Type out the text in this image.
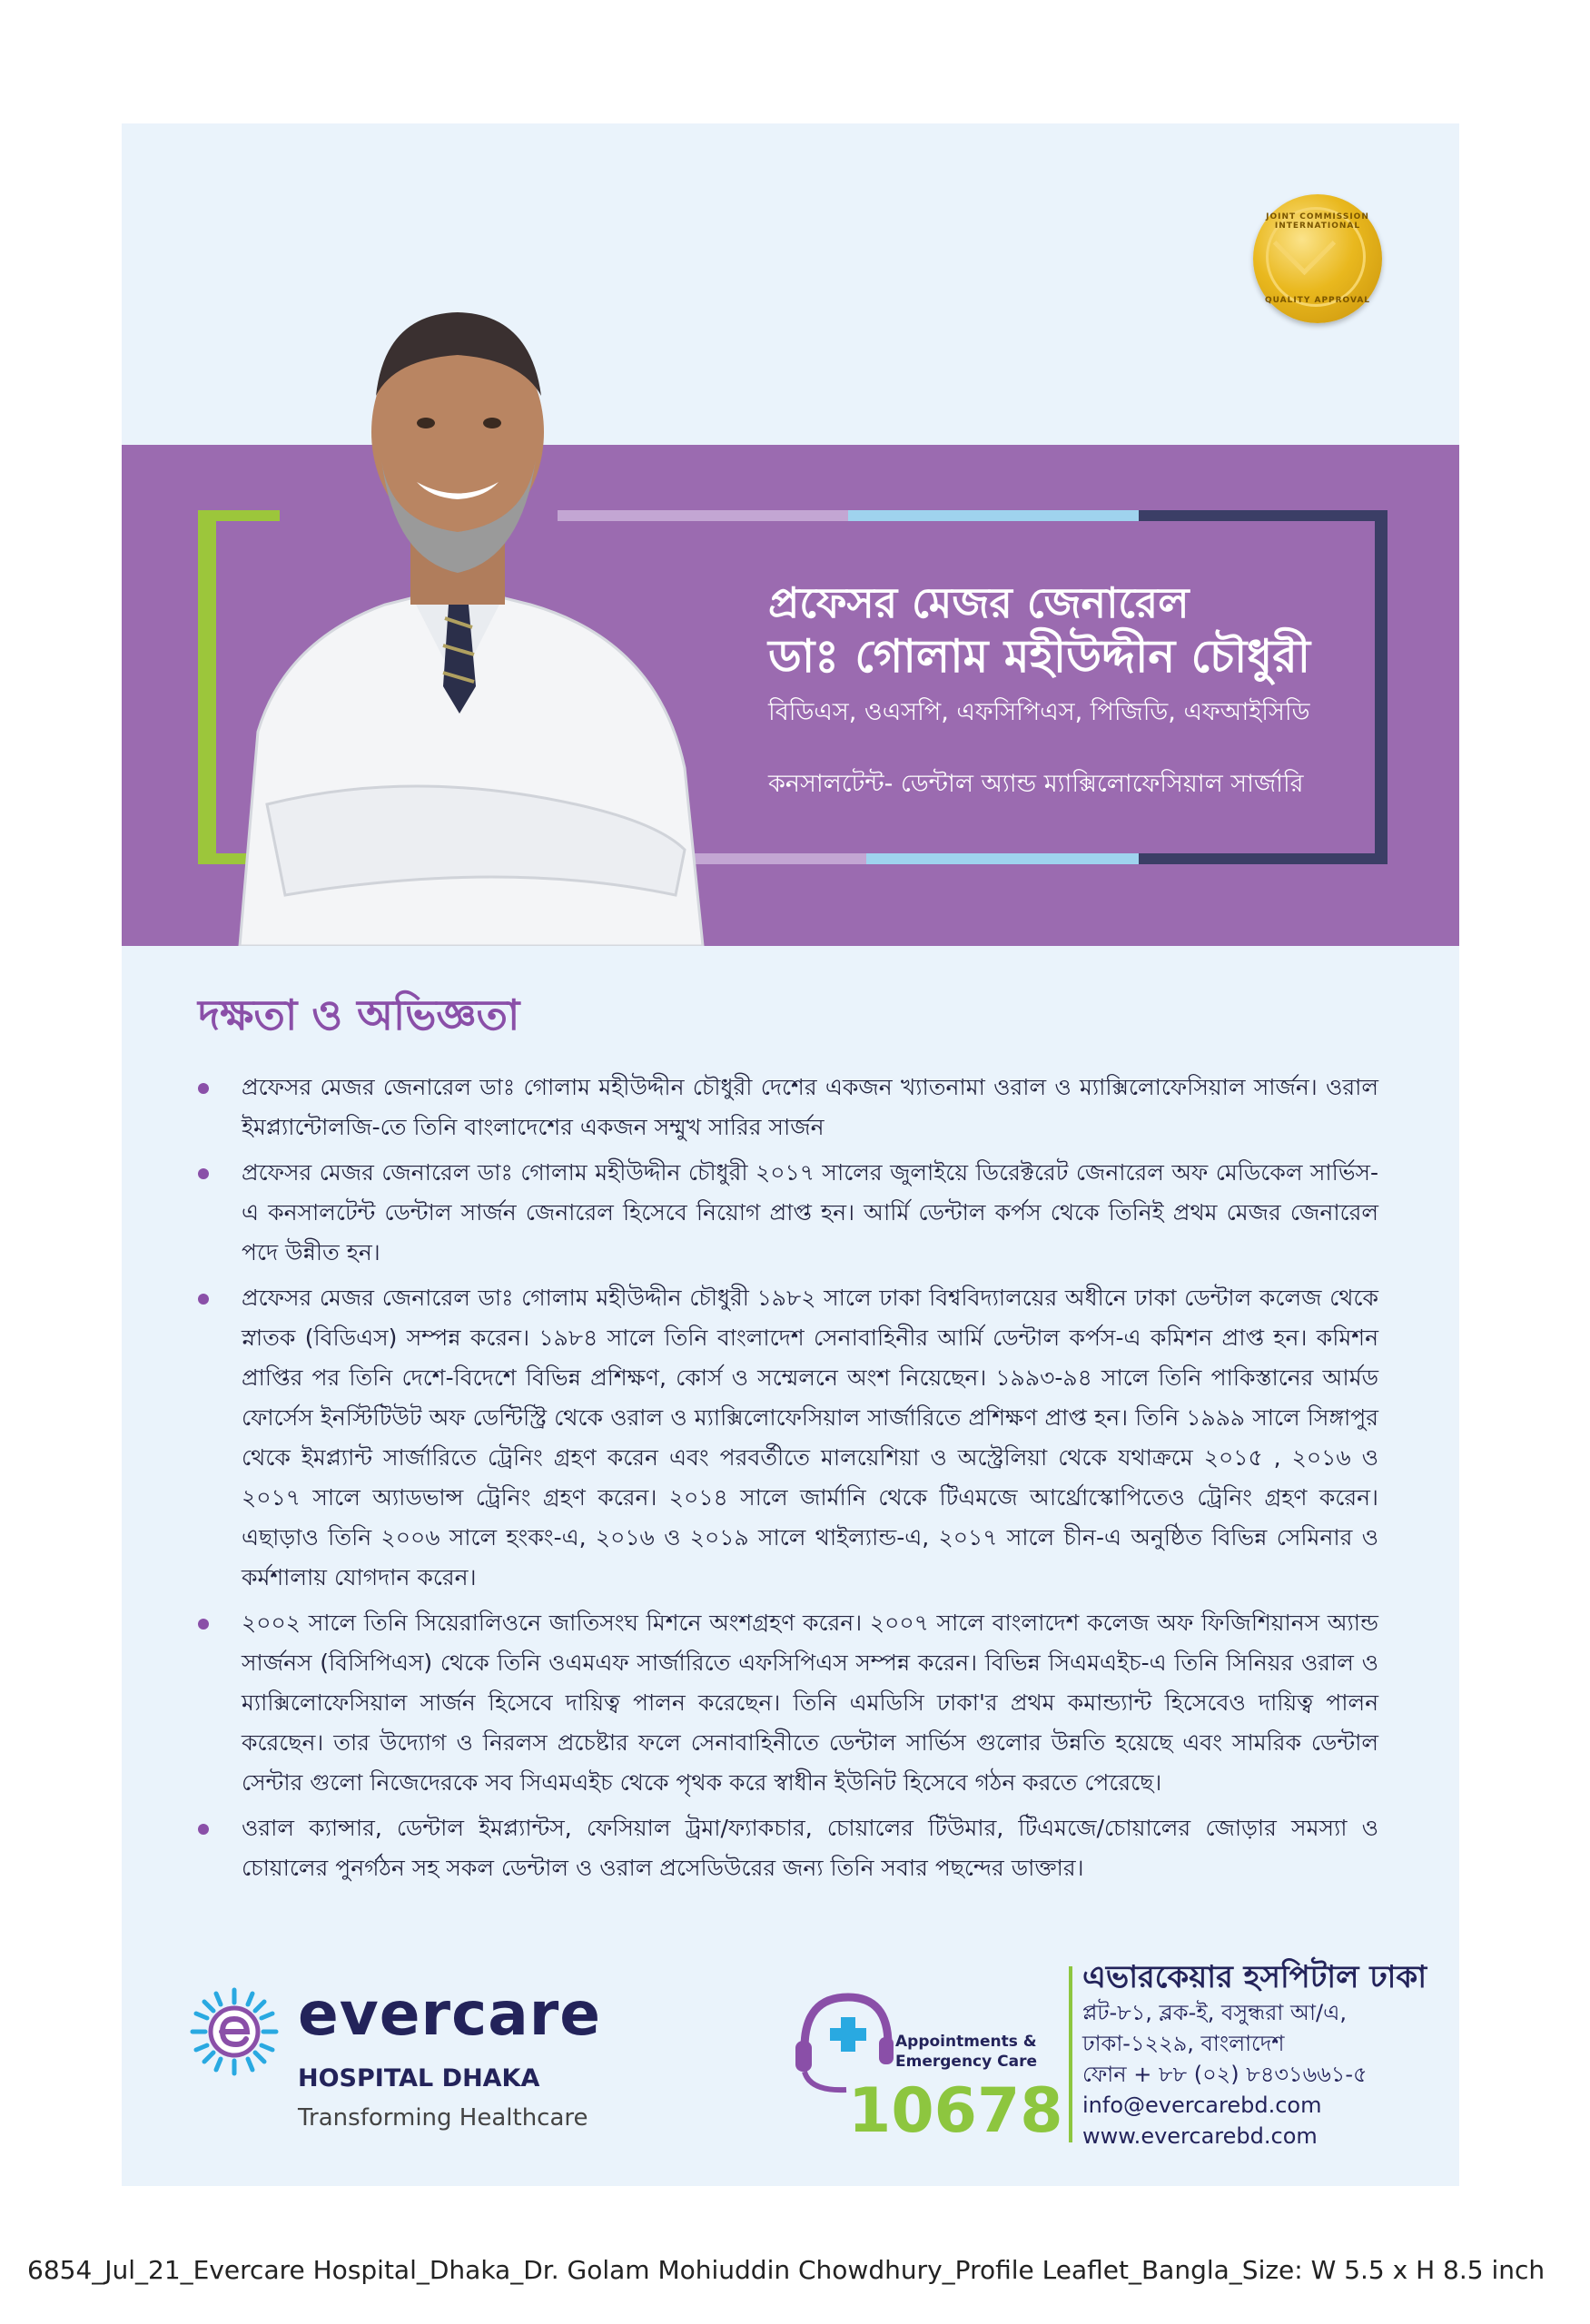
JOINT COMMISSION INTERNATIONAL
QUALITY APPROVAL
প্রফেসর মেজর জেনারেল
ডাঃ গোলাম মহীউদ্দীন চৌধুরী
বিডিএস, ওএসপি, এফসিপিএস, পিজিডি, এফআইসিডি
কনসালটেন্ট- ডেন্টাল অ্যান্ড ম্যাক্সিলোফেসিয়াল সার্জারি
দক্ষতা ও অভিজ্ঞতা
প্রফেসর মেজর জেনারেল ডাঃ গোলাম মহীউদ্দীন চৌধুরী দেশের একজন খ্যাতনামা ওরাল ও ম্যাক্সিলোফেসিয়াল সার্জন। ওরাল ইমপ্ল্যান্টোলজি-তে তিনি বাংলাদেশের একজন সম্মুখ সারির সার্জন
প্রফেসর মেজর জেনারেল ডাঃ গোলাম মহীউদ্দীন চৌধুরী ২০১৭ সালের জুলাইয়ে ডিরেক্টরেট জেনারেল অফ মেডিকেল সার্ভিস-এ কনসালটেন্ট ডেন্টাল সার্জন জেনারেল হিসেবে নিয়োগ প্রাপ্ত হন। আর্মি ডেন্টাল কর্পস থেকে তিনিই প্রথম মেজর জেনারেল পদে উন্নীত হন।
প্রফেসর মেজর জেনারেল ডাঃ গোলাম মহীউদ্দীন চৌধুরী ১৯৮২ সালে ঢাকা বিশ্ববিদ্যালয়ের অধীনে ঢাকা ডেন্টাল কলেজ থেকে স্নাতক (বিডিএস) সম্পন্ন করেন। ১৯৮৪ সালে তিনি বাংলাদেশ সেনাবাহিনীর আর্মি ডেন্টাল কর্পস-এ কমিশন প্রাপ্ত হন। কমিশন প্রাপ্তির পর তিনি দেশে-বিদেশে বিভিন্ন প্রশিক্ষণ, কোর্স ও সম্মেলনে অংশ নিয়েছেন। ১৯৯৩-৯৪ সালে তিনি পাকিস্তানের আর্মড ফোর্সেস ইনস্টিটিউট অফ ডেন্টিস্ট্রি থেকে ওরাল ও ম্যাক্সিলোফেসিয়াল সার্জারিতে প্রশিক্ষণ প্রাপ্ত হন। তিনি ১৯৯৯ সালে সিঙ্গাপুর থেকে ইমপ্ল্যান্ট সার্জারিতে ট্রেনিং গ্রহণ করেন এবং পরবর্তীতে মালয়েশিয়া ও অস্ট্রেলিয়া থেকে যথাক্রমে ২০১৫ , ২০১৬ ও ২০১৭ সালে অ্যাডভান্স ট্রেনিং গ্রহণ করেন। ২০১৪ সালে জার্মানি থেকে টিএমজে আর্থ্রোস্কোপিতেও ট্রেনিং গ্রহণ করেন। এছাড়াও তিনি ২০০৬ সালে হংকং-এ, ২০১৬ ও ২০১৯ সালে থাইল্যান্ড-এ, ২০১৭ সালে চীন-এ অনুষ্ঠিত বিভিন্ন সেমিনার ও কর্মশালায় যোগদান করেন।
২০০২ সালে তিনি সিয়েরালিওনে জাতিসংঘ মিশনে অংশগ্রহণ করেন। ২০০৭ সালে বাংলাদেশ কলেজ অফ ফিজিশিয়ানস অ্যান্ড সার্জনস (বিসিপিএস) থেকে তিনি ওএমএফ সার্জারিতে এফসিপিএস সম্পন্ন করেন। বিভিন্ন সিএমএইচ-এ তিনি সিনিয়র ওরাল ও ম্যাক্সিলোফেসিয়াল সার্জন হিসেবে দায়িত্ব পালন করেছেন। তিনি এমডিসি ঢাকা'র প্রথম কমান্ড্যান্ট হিসেবেও দায়িত্ব পালন করেছেন। তার উদ্যোগ ও নিরলস প্রচেষ্টার ফলে সেনাবাহিনীতে ডেন্টাল সার্ভিস গুলোর উন্নতি হয়েছে এবং সামরিক ডেন্টাল সেন্টার গুলো নিজেদেরকে সব সিএমএইচ থেকে পৃথক করে স্বাধীন ইউনিট হিসেবে গঠন করতে পেরেছে।
ওরাল ক্যান্সার, ডেন্টাল ইমপ্ল্যান্টস, ফেসিয়াল ট্রমা/ফ্যাকচার, চোয়ালের টিউমার, টিএমজে/চোয়ালের জোড়ার সমস্যা ও চোয়ালের পুনর্গঠন সহ সকল ডেন্টাল ও ওরাল প্রসেডিউরের জন্য তিনি সবার পছন্দের ডাক্তার।
evercare
HOSPITAL DHAKA
Transforming Healthcare
Appointments &
Emergency Care
10678
এভারকেয়ার হসপিটাল ঢাকা
প্লট-৮১, ব্লক-ই, বসুন্ধরা আ/এ,
ঢাকা-১২২৯, বাংলাদেশ
ফোন + ৮৮ (০২) ৮৪৩১৬৬১-৫
info@evercarebd.com
www.evercarebd.com
6854_Jul_21_Evercare Hospital_Dhaka_Dr. Golam Mohiuddin Chowdhury_Profile Leaflet_Bangla_Size: W 5.5 x H 8.5 inch
